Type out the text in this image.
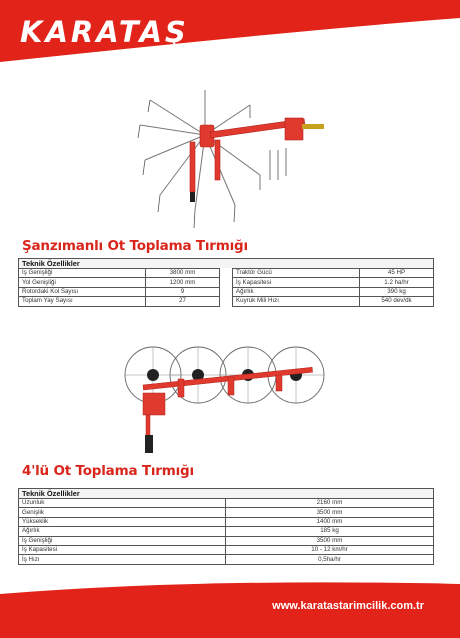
KARATAŞ
Şanzımanlı Ot Toplama Tırmığı
Teknik Özellikler
İş Genişliği	3800 mm
Yol Genişliği	1200 mm
Rotordaki Kol Sayısı	9
Toplam Yay Sayısı	27
Traktör Gücü	45 HP
İş Kapasitesi	1.2 ha/hr
Ağırlık	390 kg
Kuyruk Mili Hızı	540 dev/dk
4'lü Ot Toplama Tırmığı
Teknik Özellikler
Uzunluk	2160 mm
Genişlik	3500 mm
Yükseklik	1400 mm
Ağırlık	185 kg
İş Genişliği	3500 mm
İş Kapasitesi	10 - 12 km/hr
İş Hızı	0,5ha/hr
www.karatastarimcilik.com.tr
